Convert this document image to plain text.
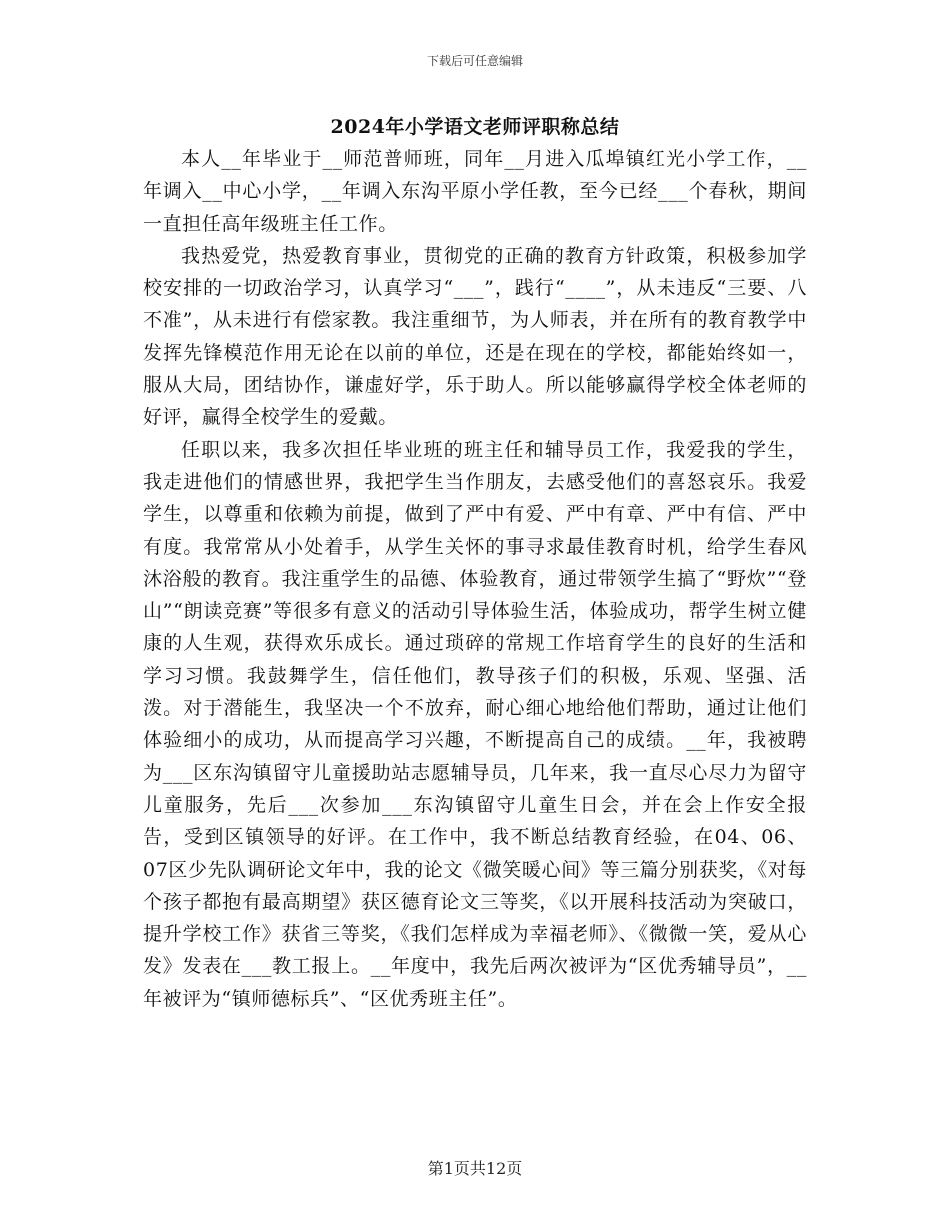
下载后可任意编辑
2024年小学语文老师评职称总结

本人__年毕业于__师范普师班，同年__月进入瓜埠镇红光小学工作，__年调入__中心小学，__年调入东沟平原小学任教，至今已经___个春秋，期间一直担任高年级班主任工作。

我热爱党，热爱教育事业，贯彻党的正确的教育方针政策，积极参加学校安排的一切政治学习，认真学习“___”，践行“____”，从未违反“三要、八不准”，从未进行有偿家教。我注重细节，为人师表，并在所有的教育教学中发挥先锋模范作用无论在以前的单位，还是在现在的学校，都能始终如一，服从大局，团结协作，谦虚好学，乐于助人。所以能够赢得学校全体老师的好评，赢得全校学生的爱戴。

任职以来，我多次担任毕业班的班主任和辅导员工作，我爱我的学生，我走进他们的情感世界，我把学生当作朋友，去感受他们的喜怒哀乐。我爱学生，以尊重和依赖为前提，做到了严中有爱、严中有章、严中有信、严中有度。我常常从小处着手，从学生关怀的事寻求最佳教育时机，给学生春风沐浴般的教育。我注重学生的品德、体验教育，通过带领学生搞了“野炊”“登山”“朗读竞赛”等很多有意义的活动引导体验生活，体验成功，帮学生树立健康的人生观，获得欢乐成长。通过琐碎的常规工作培育学生的良好的生活和学习习惯。我鼓舞学生，信任他们，教导孩子们的积极，乐观、坚强、活泼。对于潜能生，我坚决一个不放弃，耐心细心地给他们帮助，通过让他们体验细小的成功，从而提高学习兴趣，不断提高自己的成绩。__年，我被聘为___区东沟镇留守儿童援助站志愿辅导员，几年来，我一直尽心尽力为留守儿童服务，先后___次参加___东沟镇留守儿童生日会，并在会上作安全报告，受到区镇领导的好评。在工作中，我不断总结教育经验，在04、06、07区少先队调研论文年中，我的论文《微笑暖心间》等三篇分别获奖，《对每个孩子都抱有最高期望》获区德育论文三等奖，《以开展科技活动为突破口，提升学校工作》获省三等奖，《我们怎样成为幸福老师》、《微微一笑，爱从心发》发表在___教工报上。__年度中，我先后两次被评为“区优秀辅导员”，__年被评为“镇师德标兵”、“区优秀班主任”。

第1页共12页
